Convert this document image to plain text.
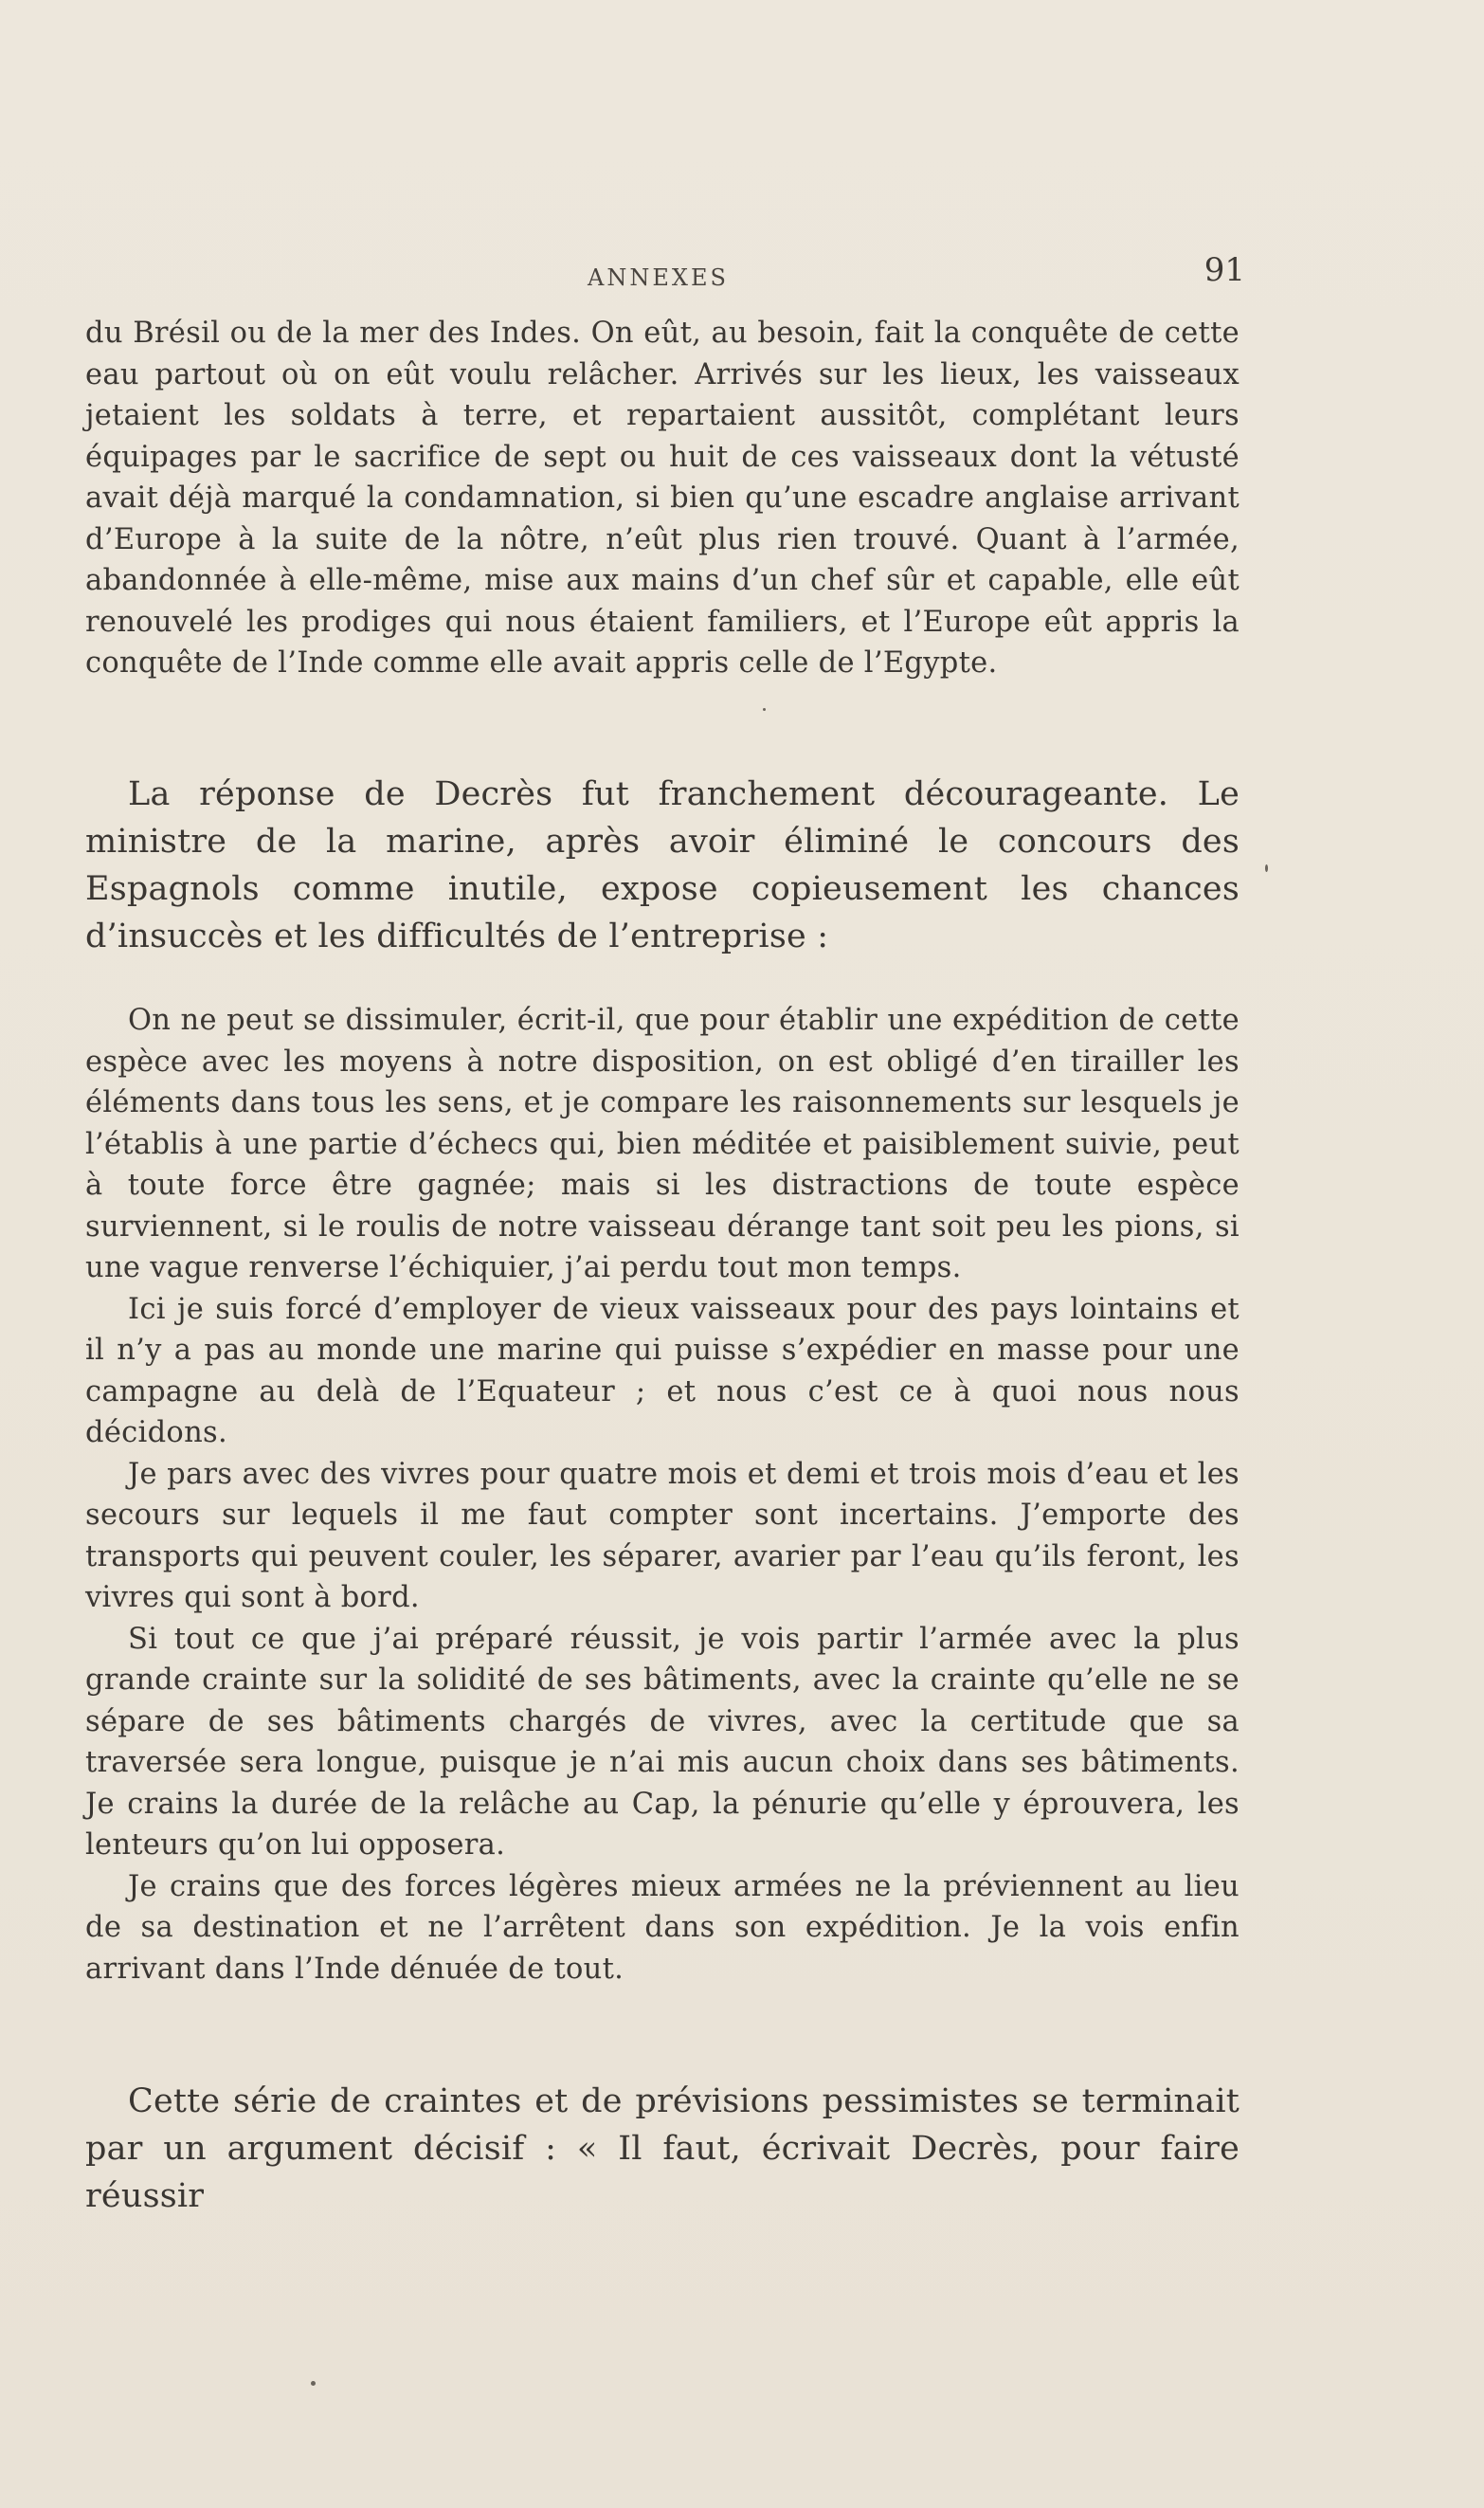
ANNEXES	91

du Brésil ou de la mer des Indes. On eût, au besoin, fait la conquête de cette eau partout où on eût voulu relâcher. Arrivés sur les lieux, les vaisseaux jetaient les soldats à terre, et repartaient aussitôt, complétant leurs équipages par le sacrifice de sept ou huit de ces vaisseaux dont la vétusté avait déjà marqué la condamnation, si bien qu’une escadre anglaise arrivant d’Europe à la suite de la nôtre, n’eût plus rien trouvé. Quant à l’armée, abandonnée à elle-même, mise aux mains d’un chef sûr et capable, elle eût renouvelé les prodiges qui nous étaient familiers, et l’Europe eût appris la conquête de l’Inde comme elle avait appris celle de l’Egypte.

La réponse de Decrès fut franchement décourageante. Le ministre de la marine, après avoir éliminé le concours des Espagnols comme inutile, expose copieusement les chances d’insuccès et les difficultés de l’entreprise :

On ne peut se dissimuler, écrit-il, que pour établir une expédition de cette espèce avec les moyens à notre disposition, on est obligé d’en tirailler les éléments dans tous les sens, et je compare les raisonnements sur lesquels je l’établis à une partie d’échecs qui, bien méditée et paisiblement suivie, peut à toute force être gagnée; mais si les distractions de toute espèce surviennent, si le roulis de notre vaisseau dérange tant soit peu les pions, si une vague renverse l’échiquier, j’ai perdu tout mon temps.

Ici je suis forcé d’employer de vieux vaisseaux pour des pays lointains et il n’y a pas au monde une marine qui puisse s’expédier en masse pour une campagne au delà de l’Equateur ; et nous c’est ce à quoi nous nous décidons.

Je pars avec des vivres pour quatre mois et demi et trois mois d’eau et les secours sur lequels il me faut compter sont incertains. J’emporte des transports qui peuvent couler, les séparer, avarier par l’eau qu’ils feront, les vivres qui sont à bord.

Si tout ce que j’ai préparé réussit, je vois partir l’armée avec la plus grande crainte sur la solidité de ses bâtiments, avec la crainte qu’elle ne se sépare de ses bâtiments chargés de vivres, avec la certitude que sa traversée sera longue, puisque je n’ai mis aucun choix dans ses bâtiments. Je crains la durée de la relâche au Cap, la pénurie qu’elle y éprouvera, les lenteurs qu’on lui opposera.

Je crains que des forces légères mieux armées ne la préviennent au lieu de sa destination et ne l’arrêtent dans son expédition. Je la vois enfin arrivant dans l’Inde dénuée de tout.

Cette série de craintes et de prévisions pessimistes se terminait par un argument décisif : « Il faut, écrivait Decrès, pour faire réussir
